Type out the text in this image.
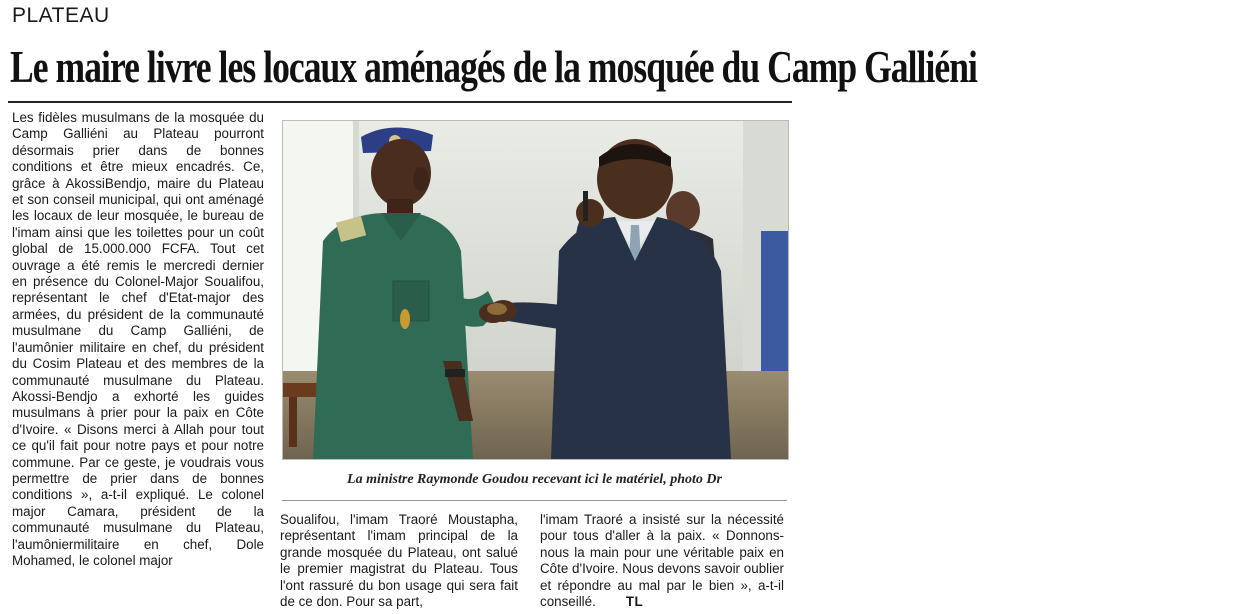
PLATEAU
Le maire livre les locaux aménagés de la mosquée du Camp Galliéni

Les fidèles musulmans de la mosquée du Camp Galliéni au Plateau pourront désormais prier dans de bonnes conditions et être mieux encadrés. Ce, grâce à AkossiBendjo, maire du Plateau et son conseil municipal, qui ont aménagé les locaux de leur mosquée, le bureau de l'imam ainsi que les toilettes pour un coût global de 15.000.000 FCFA. Tout cet ouvrage a été remis le mercredi dernier en présence du Colonel-Major Soualifou, représentant le chef d'Etat-major des armées, du président de la communauté musulmane du Camp Galliéni, de l'aumônier militaire en chef, du président du Cosim Plateau et des membres de la communauté musulmane du Plateau. Akossi-Bendjo a exhorté les guides musulmans à prier pour la paix en Côte d'Ivoire. « Disons merci à Allah pour tout ce qu'il fait pour notre pays et pour notre commune. Par ce geste, je voudrais vous permettre de prier dans de bonnes conditions », a-t-il expliqué. Le colonel major Camara, président de la communauté musulmane du Plateau, l'aumôniermilitaire en chef, Dole Mohamed, le colonel major

La ministre Raymonde Goudou recevant ici le matériel, photo Dr

Soualifou, l'imam Traoré Moustapha, représentant l'imam principal de la grande mosquée du Plateau, ont salué le premier magistrat du Plateau. Tous l'ont rassuré du bon usage qui sera fait de ce don. Pour sa part,

l'imam Traoré a insisté sur la nécessité pour tous d'aller à la paix. « Donnons-nous la main pour une véritable paix en Côte d'Ivoire. Nous devons savoir oublier et répondre au mal par le bien », a-t-il conseillé. TL
